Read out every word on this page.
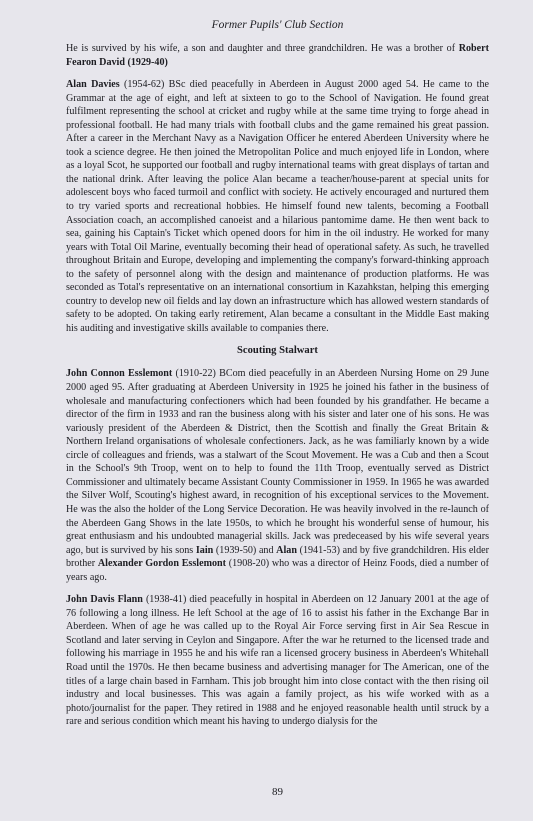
Former Pupils' Club Section

He is survived by his wife, a son and daughter and three grandchildren. He was a brother of Robert Fearon David (1929-40)

Alan Davies (1954-62) BSc died peacefully in Aberdeen in August 2000 aged 54. He came to the Grammar at the age of eight, and left at sixteen to go to the School of Navigation. He found great fulfilment representing the school at cricket and rugby while at the same time trying to forge ahead in professional football. He had many trials with football clubs and the game remained his great passion. After a career in the Merchant Navy as a Navigation Officer he entered Aberdeen University where he took a science degree. He then joined the Metropolitan Police and much enjoyed life in London, where as a loyal Scot, he supported our football and rugby international teams with great displays of tartan and the national drink. After leaving the police Alan became a teacher/house-parent at special units for adolescent boys who faced turmoil and conflict with society. He actively encouraged and nurtured them to try varied sports and recreational hobbies. He himself found new talents, becoming a Football Association coach, an accomplished canoeist and a hilarious pantomime dame. He then went back to sea, gaining his Captain's Ticket which opened doors for him in the oil industry. He worked for many years with Total Oil Marine, eventually becoming their head of operational safety. As such, he travelled throughout Britain and Europe, developing and implementing the company's forward-thinking approach to the safety of personnel along with the design and maintenance of production platforms. He was seconded as Total's representative on an international consortium in Kazahkstan, helping this emerging country to develop new oil fields and lay down an infrastructure which has allowed western standards of safety to be adopted. On taking early retirement, Alan became a consultant in the Middle East making his auditing and investigative skills available to companies there.

Scouting Stalwart

John Connon Esslemont (1910-22) BCom died peacefully in an Aberdeen Nursing Home on 29 June 2000 aged 95. After graduating at Aberdeen University in 1925 he joined his father in the business of wholesale and manufacturing confectioners which had been founded by his grandfather. He became a director of the firm in 1933 and ran the business along with his sister and later one of his sons. He was variously president of the Aberdeen & District, then the Scottish and finally the Great Britain & Northern Ireland organisations of wholesale confectioners. Jack, as he was familiarly known by a wide circle of colleagues and friends, was a stalwart of the Scout Movement. He was a Cub and then a Scout in the School's 9th Troop, went on to help to found the 11th Troop, eventually served as District Commissioner and ultimately became Assistant County Commissioner in 1959. In 1965 he was awarded the Silver Wolf, Scouting's highest award, in recognition of his exceptional services to the Movement. He was the also the holder of the Long Service Decoration. He was heavily involved in the re-launch of the Aberdeen Gang Shows in the late 1950s, to which he brought his wonderful sense of humour, his great enthusiasm and his undoubted managerial skills. Jack was predeceased by his wife several years ago, but is survived by his sons Iain (1939-50) and Alan (1941-53) and by five grandchildren. His elder brother Alexander Gordon Esslemont (1908-20) who was a director of Heinz Foods, died a number of years ago.

John Davis Flann (1938-41) died peacefully in hospital in Aberdeen on 12 January 2001 at the age of 76 following a long illness. He left School at the age of 16 to assist his father in the Exchange Bar in Aberdeen. When of age he was called up to the Royal Air Force serving first in Air Sea Rescue in Scotland and later serving in Ceylon and Singapore. After the war he returned to the licensed trade and following his marriage in 1955 he and his wife ran a licensed grocery business in Aberdeen's Whitehall Road until the 1970s. He then became business and advertising manager for The American, one of the titles of a large chain based in Farnham. This job brought him into close contact with the then rising oil industry and local businesses. This was again a family project, as his wife worked with as a photo/journalist for the paper. They retired in 1988 and he enjoyed reasonable health until struck by a rare and serious condition which meant his having to undergo dialysis for the

89
